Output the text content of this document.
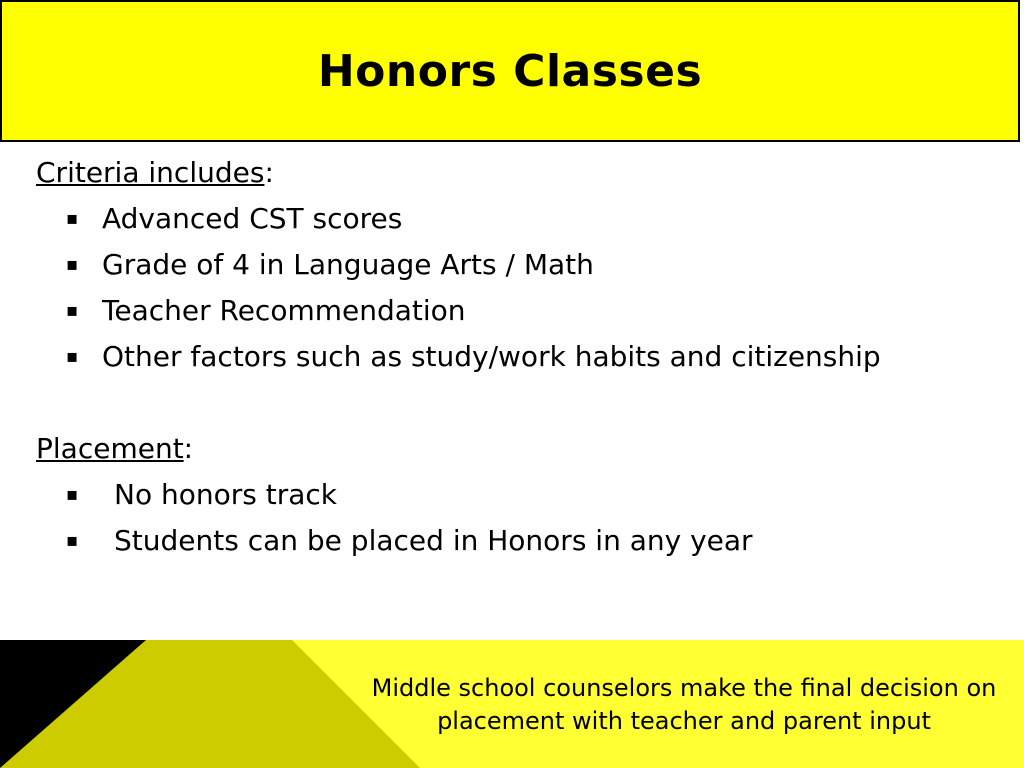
Honors Classes
Criteria includes:
▪ Advanced CST scores
▪ Grade of 4 in Language Arts / Math
▪ Teacher Recommendation
▪ Other factors such as study/work habits and citizenship
Placement:
▪ No honors track
▪ Students can be placed in Honors in any year
Middle school counselors make the final decision on placement with teacher and parent input
